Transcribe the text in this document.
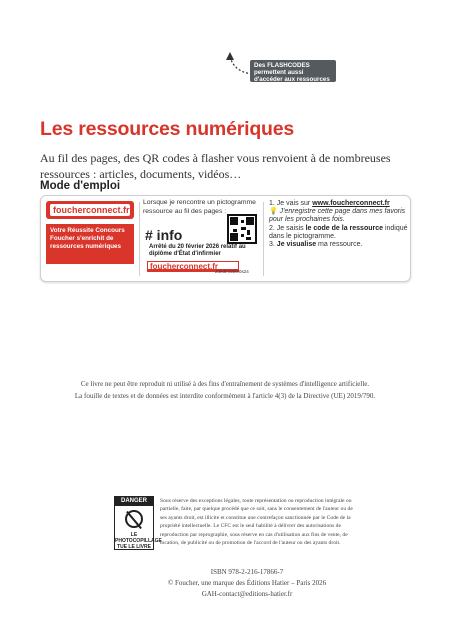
Les ressources numériques
Au fil des pages, des QR codes à flasher vous renvoient à de nombreuses ressources : articles, documents, vidéos…
Mode d'emploi
foucherconnect.fr
Votre Réussite Concours Foucher s'enrichit de ressources numériques
Lorsque je rencontre un pictogramme ressource au fil des pages :
# info
Arrêté du 20 février 2026 relatif au diplôme d'État d'infirmier
foucherconnect.fr
23edmissite0s24
1. Je vais sur www.foucherconnect.fr
💡 J'enregistre cette page dans mes favoris pour les prochaines fois.
2. Je saisis le code de la ressource indiqué dans le pictogramme.
3. Je visualise ma ressource.
Des FLASHCODES permettent aussi d'accéder aux ressources depuis un smartphone
Ce livre ne peut être reproduit ni utilisé à des fins d'entraînement de systèmes d'intelligence artificielle.
La fouille de textes et de données est interdite conformément à l'article 4(3) de la Directive (UE) 2019/790.
DANGER
LE
PHOTOCOPILLAGE
TUE LE LIVRE
Sous réserve des exceptions légales, toute représentation ou reproduction intégrale ou partielle, faite, par quelque procédé que ce soit, sans le consentement de l'auteur ou de ses ayants droit, est illicite et constitue une contrefaçon sanctionnée par le Code de la propriété intellectuelle. Le CFC est le seul habilité à délivrer des autorisations de reproduction par reprographie, sous réserve en cas d'utilisation aux fins de vente, de location, de publicité ou de promotion de l'accord de l'auteur ou des ayants droit.
ISBN 978-2-216-17866-7
© Foucher, une marque des Éditions Hatier – Paris 2026
GAH-contact@editions-hatier.fr
